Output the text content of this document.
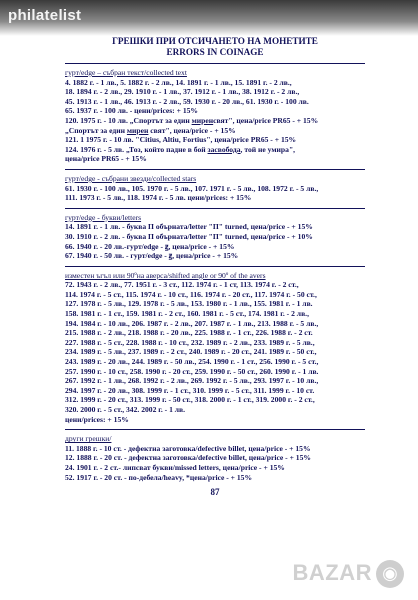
philatelist
ГРЕШКИ ПРИ ОТСИЧАНЕТО НА МОНЕТИТЕ
ERRORS IN COINAGE
гурт/edge – събран текст/collected text
4. 1882 г. - 1 лв., 5. 1882 г. - 2 лв., 14. 1891 г. - 1 лв., 15. 1891 г. - 2 лв.,
18. 1894 г. - 2 лв., 29. 1910 г. - 1 лв., 37. 1912 г. - 1 лв., 38. 1912 г. - 2 лв.,
45. 1913 г. - 1 лв., 46. 1913 г. - 2 лв., 59. 1930 г. - 20 лв., 61. 1930 г. - 100 лв.
65. 1937 г. - 100 лв. - цени/prices: + 15%
120. 1975 г. - 10 лв. „Спортът за един миренсвят", цена/price PR65 - + 15%
„Спортът за един мирен свят", цена/price - + 15%
121. 1 1975 г. - 10 лв. "Citius, Altiu, Fortius", цена/price PR65 - + 15%
124. 1976 г. - 5 лв. „Тоз, който падне в бой засвобода, той не умира",
цена/price PR65 - + 15%
гурт/edge - събрани звезди/collected stars
61. 1930 г. - 100 лв., 105. 1970 г. - 5 лв., 107. 1971 г. - 5 лв., 108. 1972 г. - 5 лв.,
111. 1973 г. - 5 лв., 118. 1974 г. - 5 лв. цени/prices: + 15%
гурт/edge - букви/letters
14. 1891 г. - 1 лв. - буква П обърната/letter "П" turned, цена/price - + 15%
30. 1910 г. - 2 лв. - буква П обърната/letter "П" turned, цена/price - + 10%
66. 1940 г. - 20 лв.-гурт/edge - ꙃ, цена/price - + 15%
67. 1940 г. - 50 лв. - гурт/edge - ꙃ, цена/price - + 15%
изместен ъгъл или 90ºна аверса/shifted angle or 90º of the avers
72. 1943 г. - 2 лв., 77. 1951 г. - 3 ст., 112. 1974 г. - 1 ст, 113. 1974 г. - 2 ст.,
114. 1974 г. - 5 ст., 115. 1974 г. - 10 ст., 116. 1974 г. - 20 ст., 117. 1974 г. - 50 ст.,
127. 1978 г. - 5 лв., 129. 1978 г. - 5 лв., 153. 1980 г. - 1 лв., 155. 1981 г. - 1 лв.
158. 1981 г. - 1 ст., 159. 1981 г. - 2 ст., 160. 1981 г. - 5 ст., 174. 1981 г. - 2 лв.,
194. 1984 г. - 10 лв., 206. 1987 г. - 2 лв., 207. 1987 г. - 1 лв., 213. 1988 г. - 5 лв.,
215. 1988 г. - 2 лв., 218. 1988 г. - 20 лв., 225. 1988 г. - 1 ст., 226. 1988 г. - 2 ст.
227. 1988 г. - 5 ст., 228. 1988 г. - 10 ст., 232. 1989 г. - 2 лв., 233. 1989 г. - 5 лв.,
234. 1989 г. - 5 лв., 237. 1989 г. - 2 ст., 240. 1989 г. - 20 ст., 241. 1989 г. - 50 ст.,
243. 1989 г. - 20 лв., 244. 1989 г. - 50 лв., 254. 1990 г. - 1 ст., 256. 1990 г. - 5 ст.,
257. 1990 г. - 10 ст., 258. 1990 г. - 20 ст., 259. 1990 г. - 50 ст., 260. 1990 г. - 1 лв.
267. 1992 г. - 1 лв., 268. 1992 г. - 2 лв., 269. 1992 г. - 5 лв., 293. 1997 г. - 10 лв.,
294. 1997 г. - 20 лв., 308. 1999 г. - 1 ст., 310. 1999 г. - 5 ст., 311. 1999 г. - 10 ст.
312. 1999 г. - 20 ст., 313. 1999 г. - 50 ст., 318. 2000 г. - 1 ст., 319. 2000 г. - 2 ст.,
320. 2000 г. - 5 ст., 342. 2002 г. - 1 лв.
цени/prices: + 15%
други грешки/
11. 1888 г. - 10 ст. - дефектна заготовка/defective billet, цена/price - + 15%
12. 1888 г. - 20 ст. - дефектна заготовка/defective billet, цена/price - + 15%
24. 1901 г. - 2 ст.- липсват букви/missed letters, цена/price - + 15%
52. 1917 г. - 20 ст. - по-дебела/heavy, *цена/price - + 15%
87
BAZAR ◉
